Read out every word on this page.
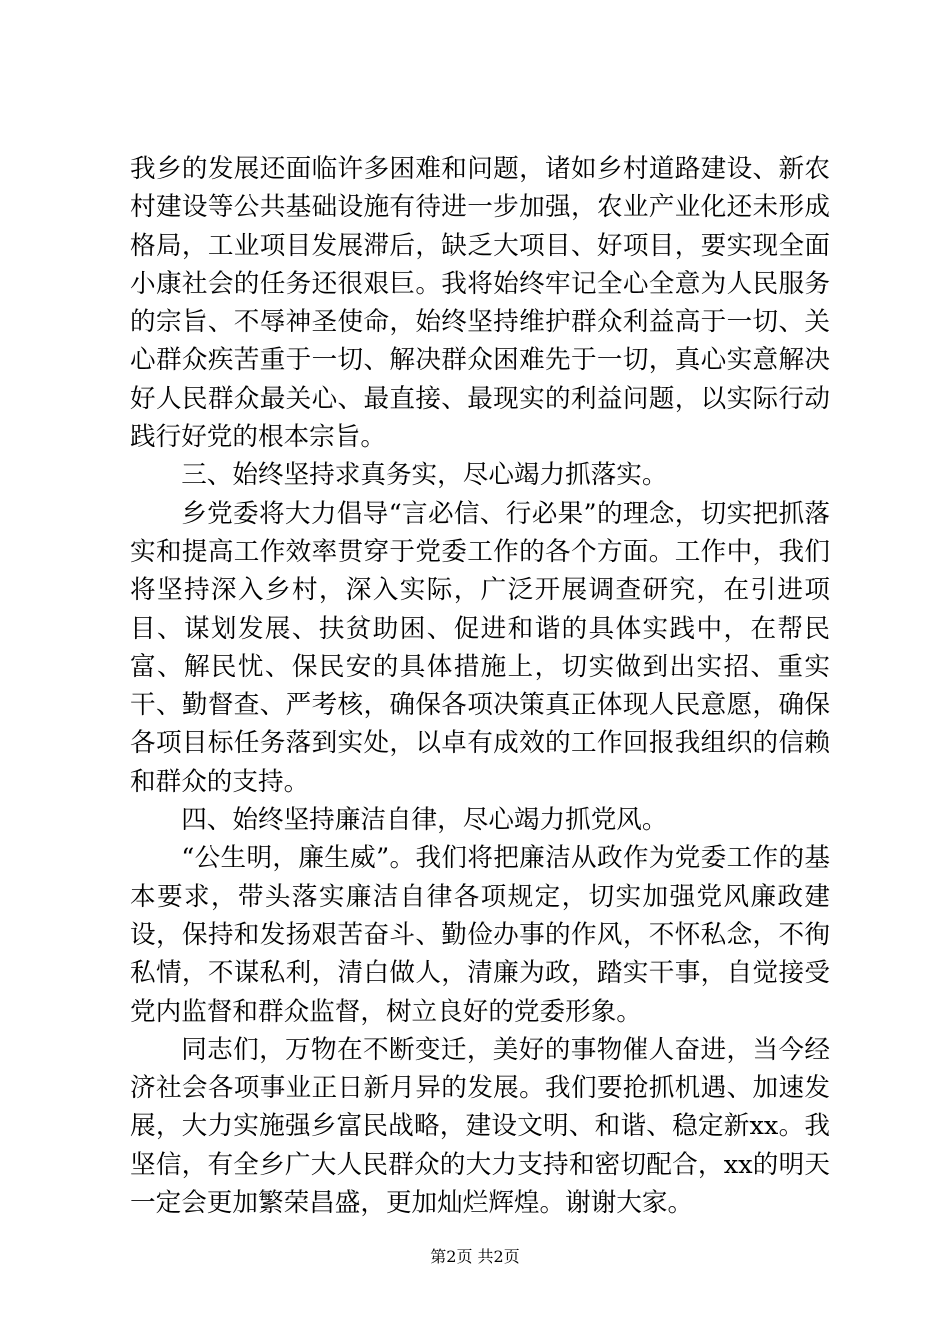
我乡的发展还面临许多困难和问题，诸如乡村道路建设、新农村建设等公共基础设施有待进一步加强，农业产业化还未形成格局，工业项目发展滞后，缺乏大项目、好项目，要实现全面小康社会的任务还很艰巨。我将始终牢记全心全意为人民服务的宗旨、不辱神圣使命，始终坚持维护群众利益高于一切、关心群众疾苦重于一切、解决群众困难先于一切，真心实意解决好人民群众最关心、最直接、最现实的利益问题，以实际行动践行好党的根本宗旨。

三、始终坚持求真务实，尽心竭力抓落实。

乡党委将大力倡导“言必信、行必果”的理念，切实把抓落实和提高工作效率贯穿于党委工作的各个方面。工作中，我们将坚持深入乡村，深入实际，广泛开展调查研究，在引进项目、谋划发展、扶贫助困、促进和谐的具体实践中，在帮民富、解民忧、保民安的具体措施上，切实做到出实招、重实干、勤督查、严考核，确保各项决策真正体现人民意愿，确保各项目标任务落到实处，以卓有成效的工作回报我组织的信赖和群众的支持。

四、始终坚持廉洁自律，尽心竭力抓党风。

“公生明，廉生威”。我们将把廉洁从政作为党委工作的基本要求，带头落实廉洁自律各项规定，切实加强党风廉政建设，保持和发扬艰苦奋斗、勤俭办事的作风，不怀私念，不徇私情，不谋私利，清白做人，清廉为政，踏实干事，自觉接受党内监督和群众监督，树立良好的党委形象。

同志们，万物在不断变迁，美好的事物催人奋进，当今经济社会各项事业正日新月异的发展。我们要抢抓机遇、加速发展，大力实施强乡富民战略，建设文明、和谐、稳定新xx。我坚信，有全乡广大人民群众的大力支持和密切配合，xx的明天一定会更加繁荣昌盛，更加灿烂辉煌。谢谢大家。

第2页 共2页
